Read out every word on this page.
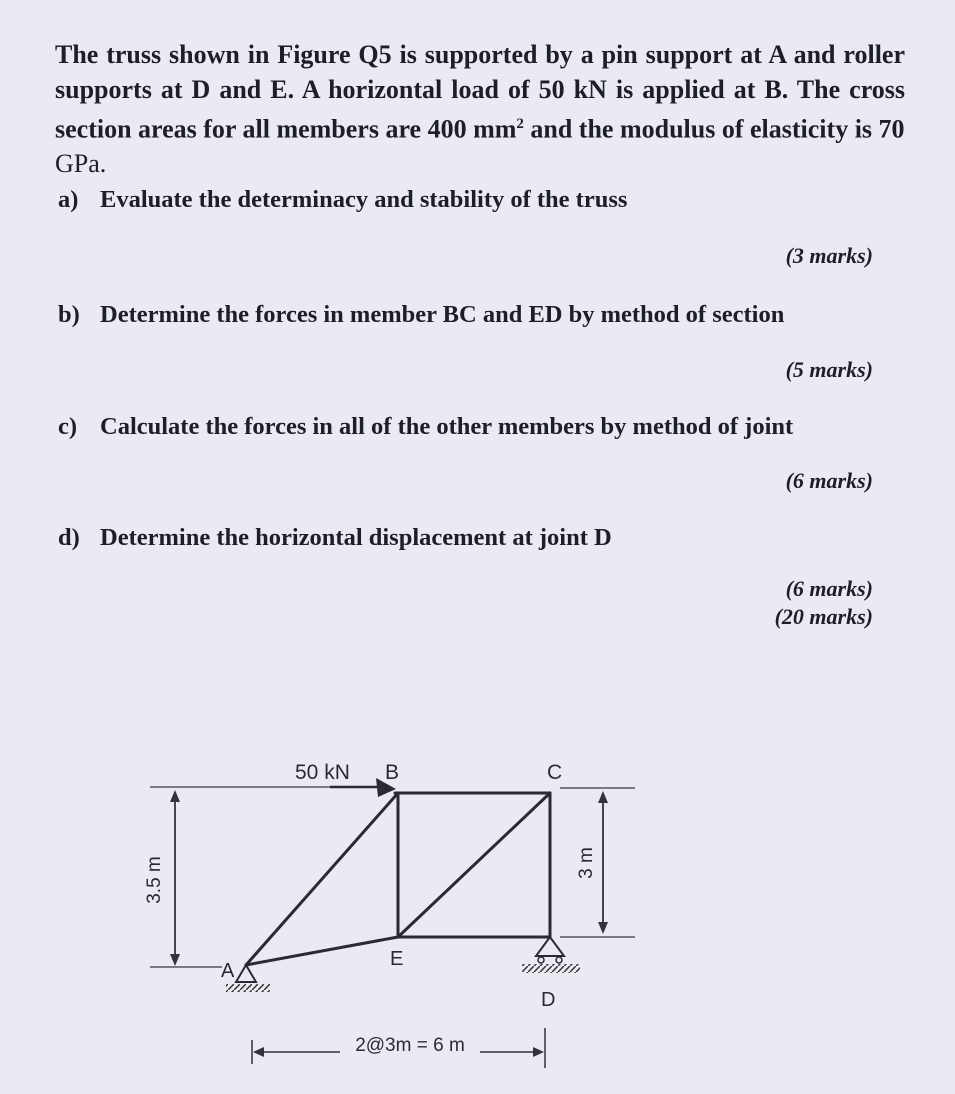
The truss shown in Figure Q5 is supported by a pin support at A and roller supports at D and E. A horizontal load of 50 kN is applied at B. The cross section areas for all members are 400 $mm^2$ and the modulus of elasticity is 70
GPa.
a) Evaluate the determinacy and stability of the truss
(3 marks)
b) Determine the forces in member BC and ED by method of section
(5 marks)
c) Calculate the forces in all of the other members by method of joint
(6 marks)
d) Determine the horizontal displacement at joint D
(6 marks)
(20 marks)
3.5 m	3 m
50 kN B	C
A
E
D
2@3m = 6 m
